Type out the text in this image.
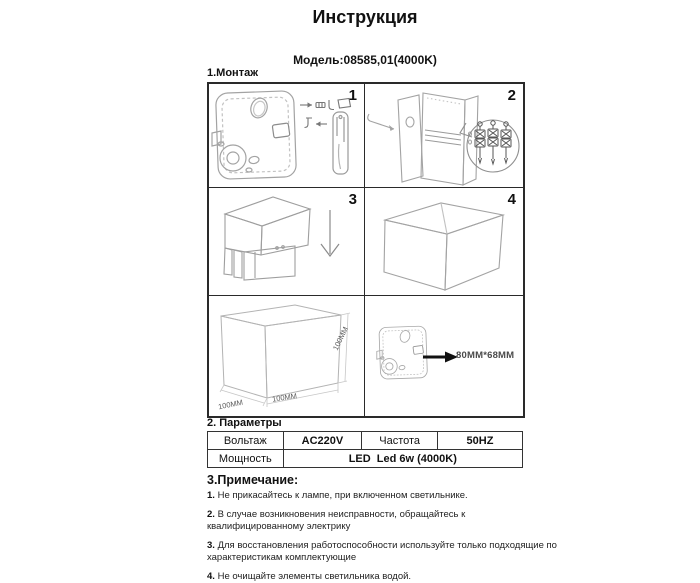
Инструкция
Модель:08585,01(4000K)
1.Монтаж
1	2
3	4
100MM
100MM
100MM
80MM*68MM
2. Параметры
Вольтаж	AC220V	Частота	50HZ
Мощность	LED  Led 6w (4000K)		
3.Примечание:
1. Не прикасайтесь к лампе, при включенном светильнике.
2. В случае возникновения неисправности, обращайтесь к квалифицированному электрику
3. Для восстановления работоспособности используйте только подходящие по характеристикам комплектующие
4. Не очищайте элементы светильника водой.
